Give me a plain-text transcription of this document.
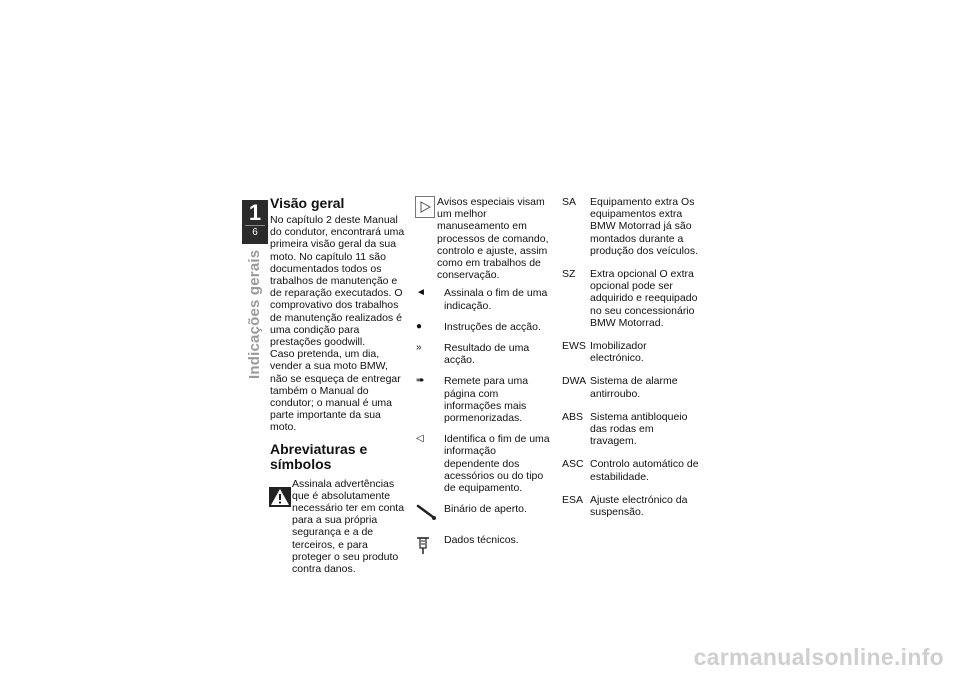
1
6
Indicações gerais
Visão geral

No capítulo 2 deste Manual do condutor, encontrará uma primeira visão geral da sua moto. No capítulo 11 são documentados todos os trabalhos de manutenção e de reparação executados. O comprovativo dos trabalhos de manutenção realizados é uma condição para prestações goodwill.

Caso pretenda, um dia, vender a sua moto BMW, não se esqueça de entregar também o Manual do condutor; o manual é uma parte importante da sua moto.

Abreviaturas e símbolos

Assinala advertências que é absolutamente necessário ter em conta para a sua própria segurança e a de terceiros, e para proteger o seu produto contra danos.

Avisos especiais visam um melhor manuseamento em processos de comando, controlo e ajuste, assim como em trabalhos de conservação.

◄	Assinala o fim de uma indicação.
●	Instruções de acção.
»	Resultado de uma acção.
➠	Remete para uma página com informações mais pormenorizadas.
◁	Identifica o fim de uma informação dependente dos acessórios ou do tipo de equipamento.
Binário de aperto.
Dados técnicos.
SA	Equipamento extra Os equipamentos extra BMW Motorrad já são montados durante a produção dos veículos.
SZ	Extra opcional O extra opcional pode ser adquirido e reequipado no seu concessionário BMW Motorrad.
EWS Imobilizador electrónico.
DWA Sistema de alarme antirroubo.
ABS Sistema antibloqueio das rodas em travagem.
ASC Controlo automático de estabilidade.
ESA Ajuste electrónico da suspensão.
carmanualsonline.info
